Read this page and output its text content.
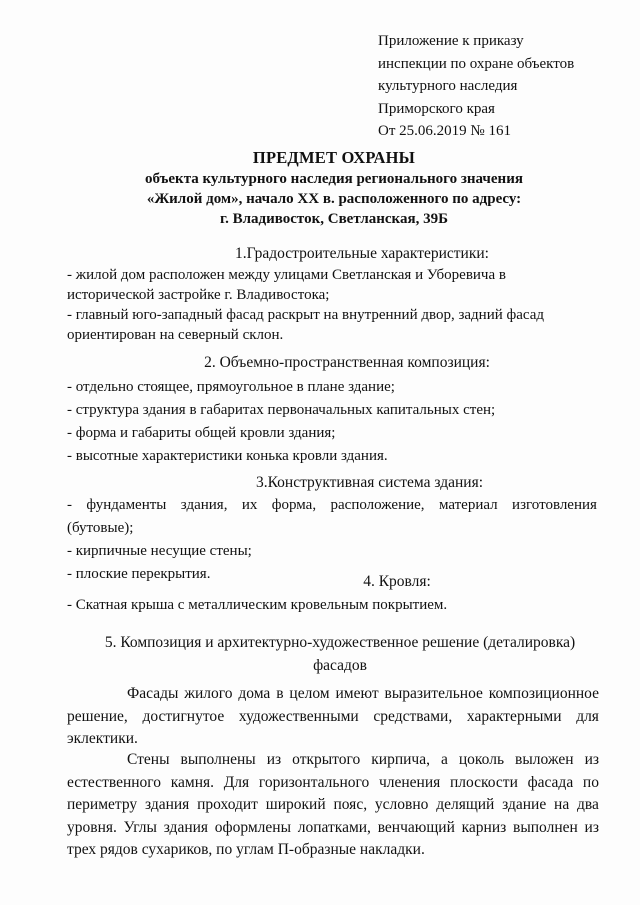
Приложение к приказу
инспекции по охране объектов
культурного наследия
Приморского края
От 25.06.2019 № 161
ПРЕДМЕТ ОХРАНЫ
объекта культурного наследия регионального значения
«Жилой дом», начало XX в. расположенного по адресу:
г. Владивосток, Светланская, 39Б
1.Градостроительные характеристики:
- жилой дом расположен между улицами Светланская и Уборевича в
исторической застройке г. Владивостока;
- главный юго-западный фасад раскрыт на внутренний двор, задний фасад
ориентирован на северный склон.
2. Объемно-пространственная композиция:
- отдельно стоящее, прямоугольное в плане здание;
- структура здания в габаритах первоначальных капитальных стен;
- форма и габариты общей кровли здания;
- высотные характеристики конька кровли здания.
3.Конструктивная система здания:
- фундаменты здания, их форма, расположение, материал изготовления
(бутовые);
- кирпичные несущие стены;
- плоские перекрытия.	4. Кровля:
- Скатная крыша с металлическим кровельным покрытием.
5. Композиция и архитектурно-художественное решение (деталировка)
фасадов
Фасады жилого дома в целом имеют выразительное композиционное
решение, достигнутое художественными средствами, характерными для
эклектики.
Стены выполнены из открытого кирпича, а цоколь выложен из
естественного камня. Для горизонтального членения плоскости фасада по
периметру здания проходит широкий пояс, условно делящий здание на два
уровня. Углы здания оформлены лопатками, венчающий карниз выполнен из
трех рядов сухариков, по углам П-образные накладки.
